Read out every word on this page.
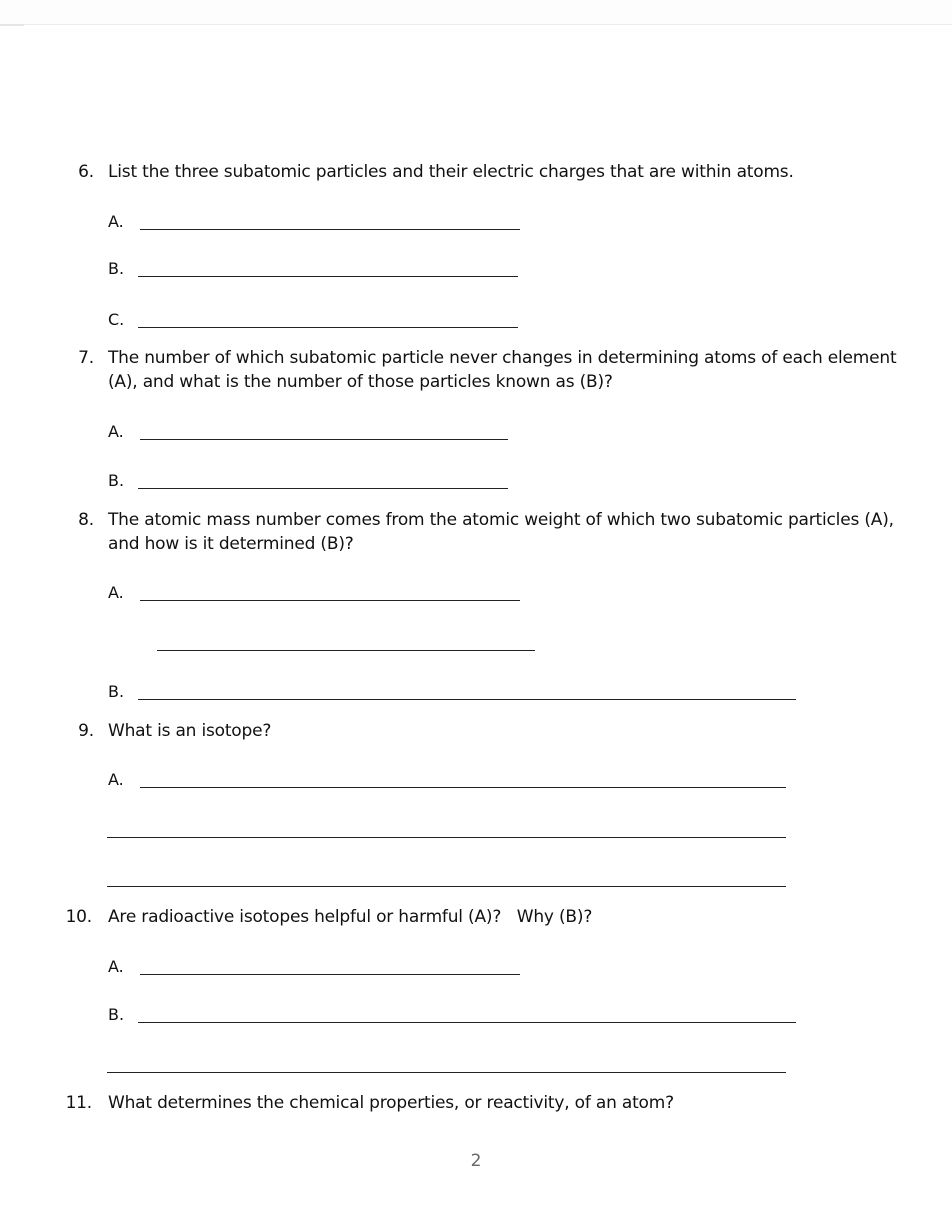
6. List the three subatomic particles and their electric charges that are within atoms.
A.
B.
C.
7. The number of which subatomic particle never changes in determining atoms of each element
(A), and what is the number of those particles known as (B)?
A.
B.
8. The atomic mass number comes from the atomic weight of which two subatomic particles (A),
and how is it determined (B)?
A.
B.
9. What is an isotope?
A.
10. Are radioactive isotopes helpful or harmful (A)?   Why (B)?
A.
B.
11. What determines the chemical properties, or reactivity, of an atom?
2
